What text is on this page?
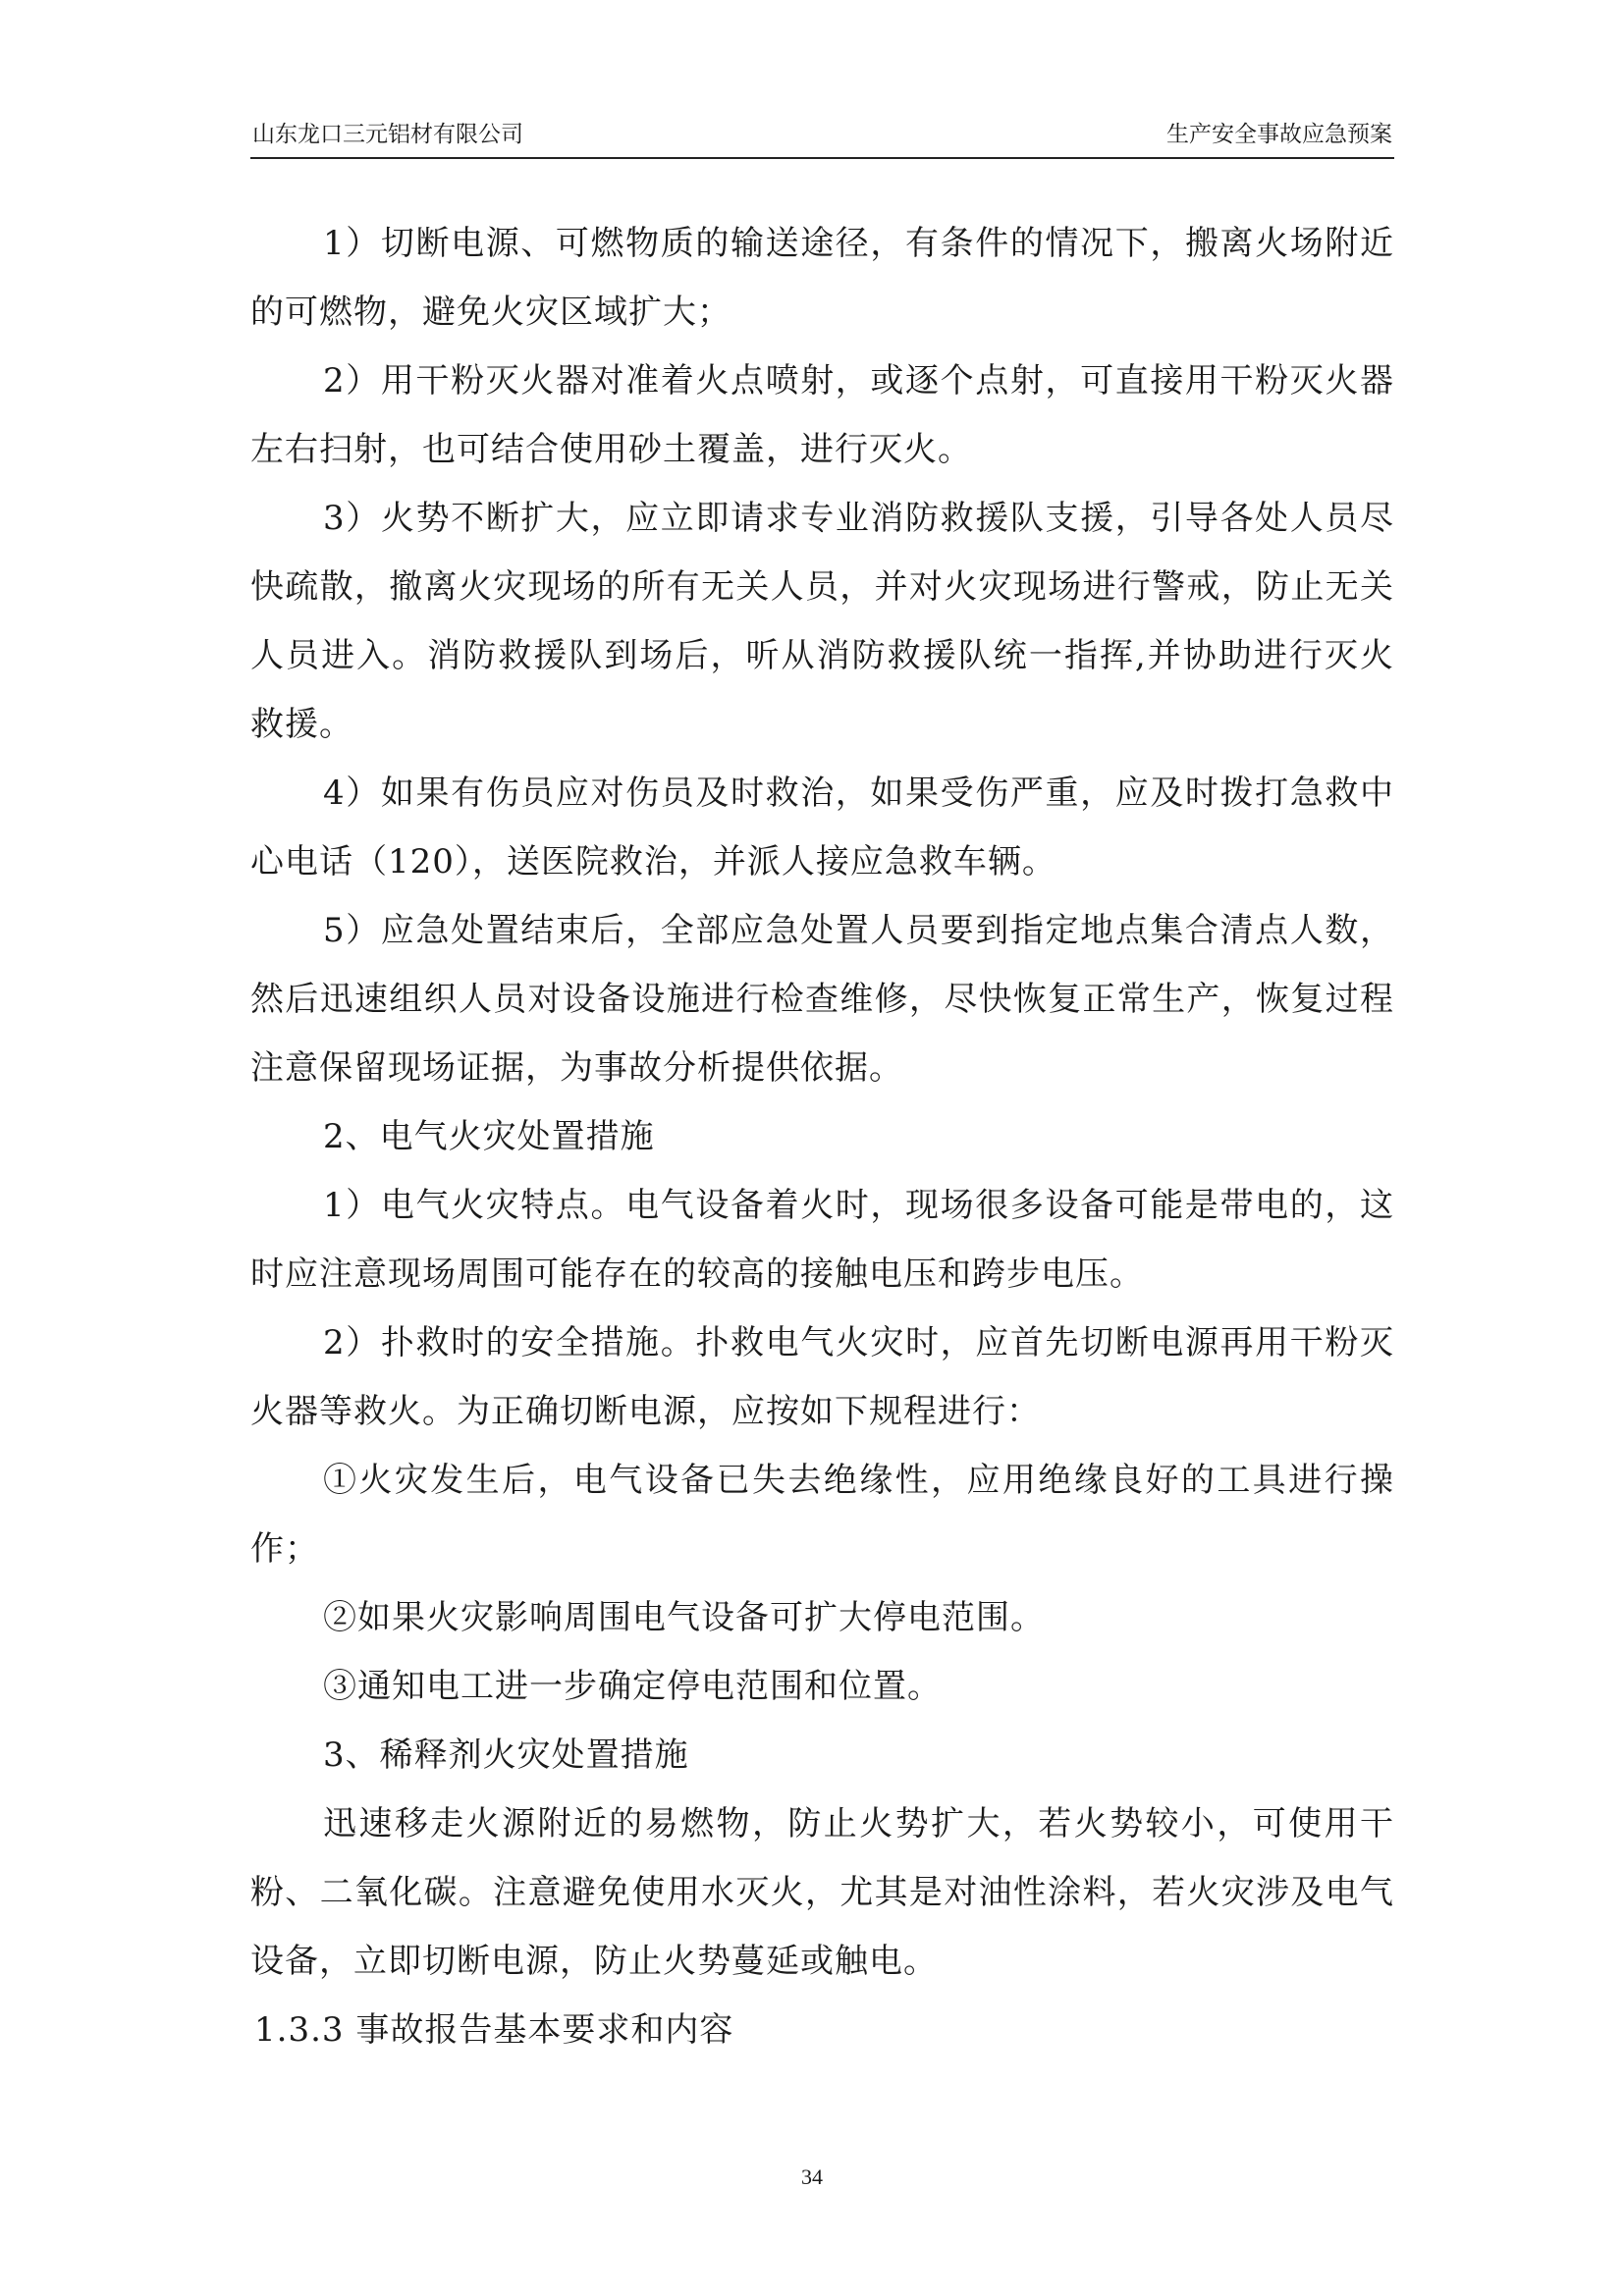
山东龙口三元铝材有限公司	生产安全事故应急预案

1）切断电源、可燃物质的输送途径，有条件的情况下，搬离火场附近的可燃物，避免火灾区域扩大；

2）用干粉灭火器对准着火点喷射，或逐个点射，可直接用干粉灭火器左右扫射，也可结合使用砂土覆盖，进行灭火。

3）火势不断扩大，应立即请求专业消防救援队支援，引导各处人员尽快疏散，撤离火灾现场的所有无关人员，并对火灾现场进行警戒，防止无关人员进入。消防救援队到场后，听从消防救援队统一指挥,并协助进行灭火救援。

4）如果有伤员应对伤员及时救治，如果受伤严重，应及时拨打急救中心电话（120），送医院救治，并派人接应急救车辆。

5）应急处置结束后，全部应急处置人员要到指定地点集合清点人数，然后迅速组织人员对设备设施进行检查维修，尽快恢复正常生产，恢复过程注意保留现场证据，为事故分析提供依据。

2、电气火灾处置措施

1）电气火灾特点。电气设备着火时，现场很多设备可能是带电的，这时应注意现场周围可能存在的较高的接触电压和跨步电压。

2）扑救时的安全措施。扑救电气火灾时，应首先切断电源再用干粉灭火器等救火。为正确切断电源，应按如下规程进行：

①火灾发生后，电气设备已失去绝缘性，应用绝缘良好的工具进行操作；

②如果火灾影响周围电气设备可扩大停电范围。

③通知电工进一步确定停电范围和位置。

3、稀释剂火灾处置措施

迅速移走火源附近的易燃物，防止火势扩大，若火势较小，可使用干粉、二氧化碳。注意避免使用水灭火，尤其是对油性涂料，若火灾涉及电气设备，立即切断电源，防止火势蔓延或触电。

1.3.3 事故报告基本要求和内容

34
